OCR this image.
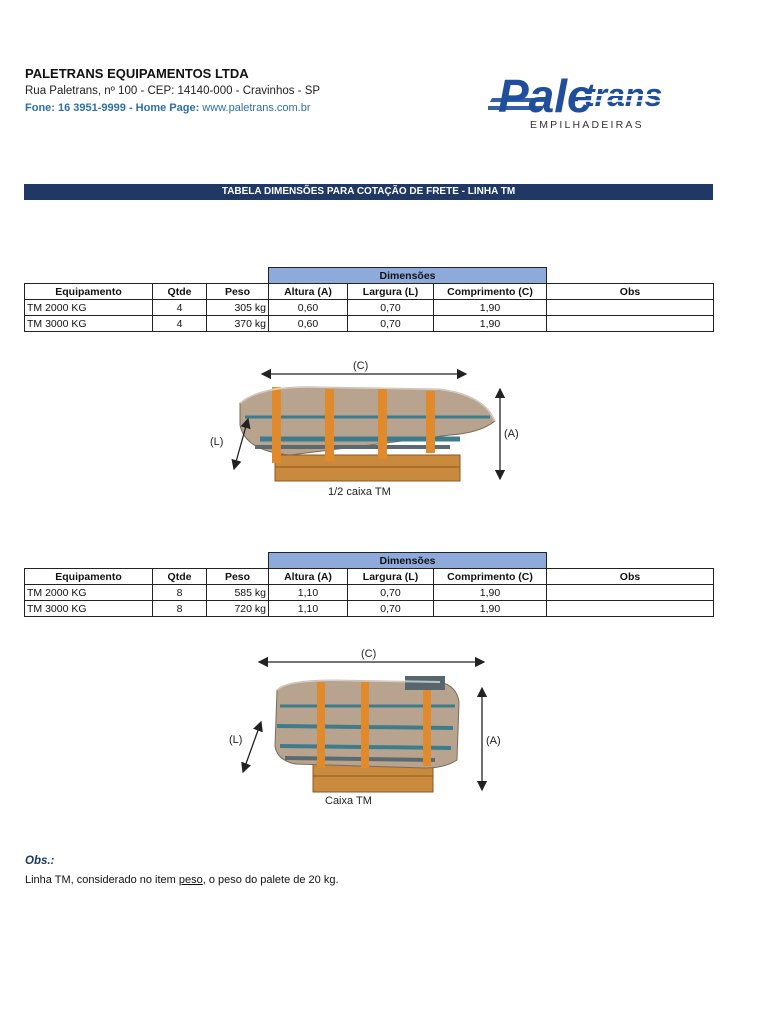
PALETRANS EQUIPAMENTOS LTDA
Rua Paletrans, nº 100 - CEP: 14140-000 - Cravinhos - SP
Fone: 16 3951-9999 - Home Page: www.paletrans.com.br	Pale
trans
EMPILHADEIRAS
TABELA DIMENSÕES PARA COTAÇÃO DE FRETE - LINHA TM
			Dimensões			
Equipamento	Qtde	Peso	Altura (A)	Largura (L)	Comprimento (C)	Obs
TM 2000 KG	4	305 kg	0,60	0,70	1,90	
TM 3000 KG	4	370 kg	0,60	0,70	1,90	
(C)
(L)
(A)
1/2 caixa TM
			Dimensões			
Equipamento	Qtde	Peso	Altura (A)	Largura (L)	Comprimento (C)	Obs
TM 2000 KG	8	585 kg	1,10	0,70	1,90	
TM 3000 KG	8	720 kg	1,10	0,70	1,90	
(C)
(L)	(A)
Caixa TM
Obs.:
Linha TM, considerado no item peso, o peso do palete de 20 kg.
